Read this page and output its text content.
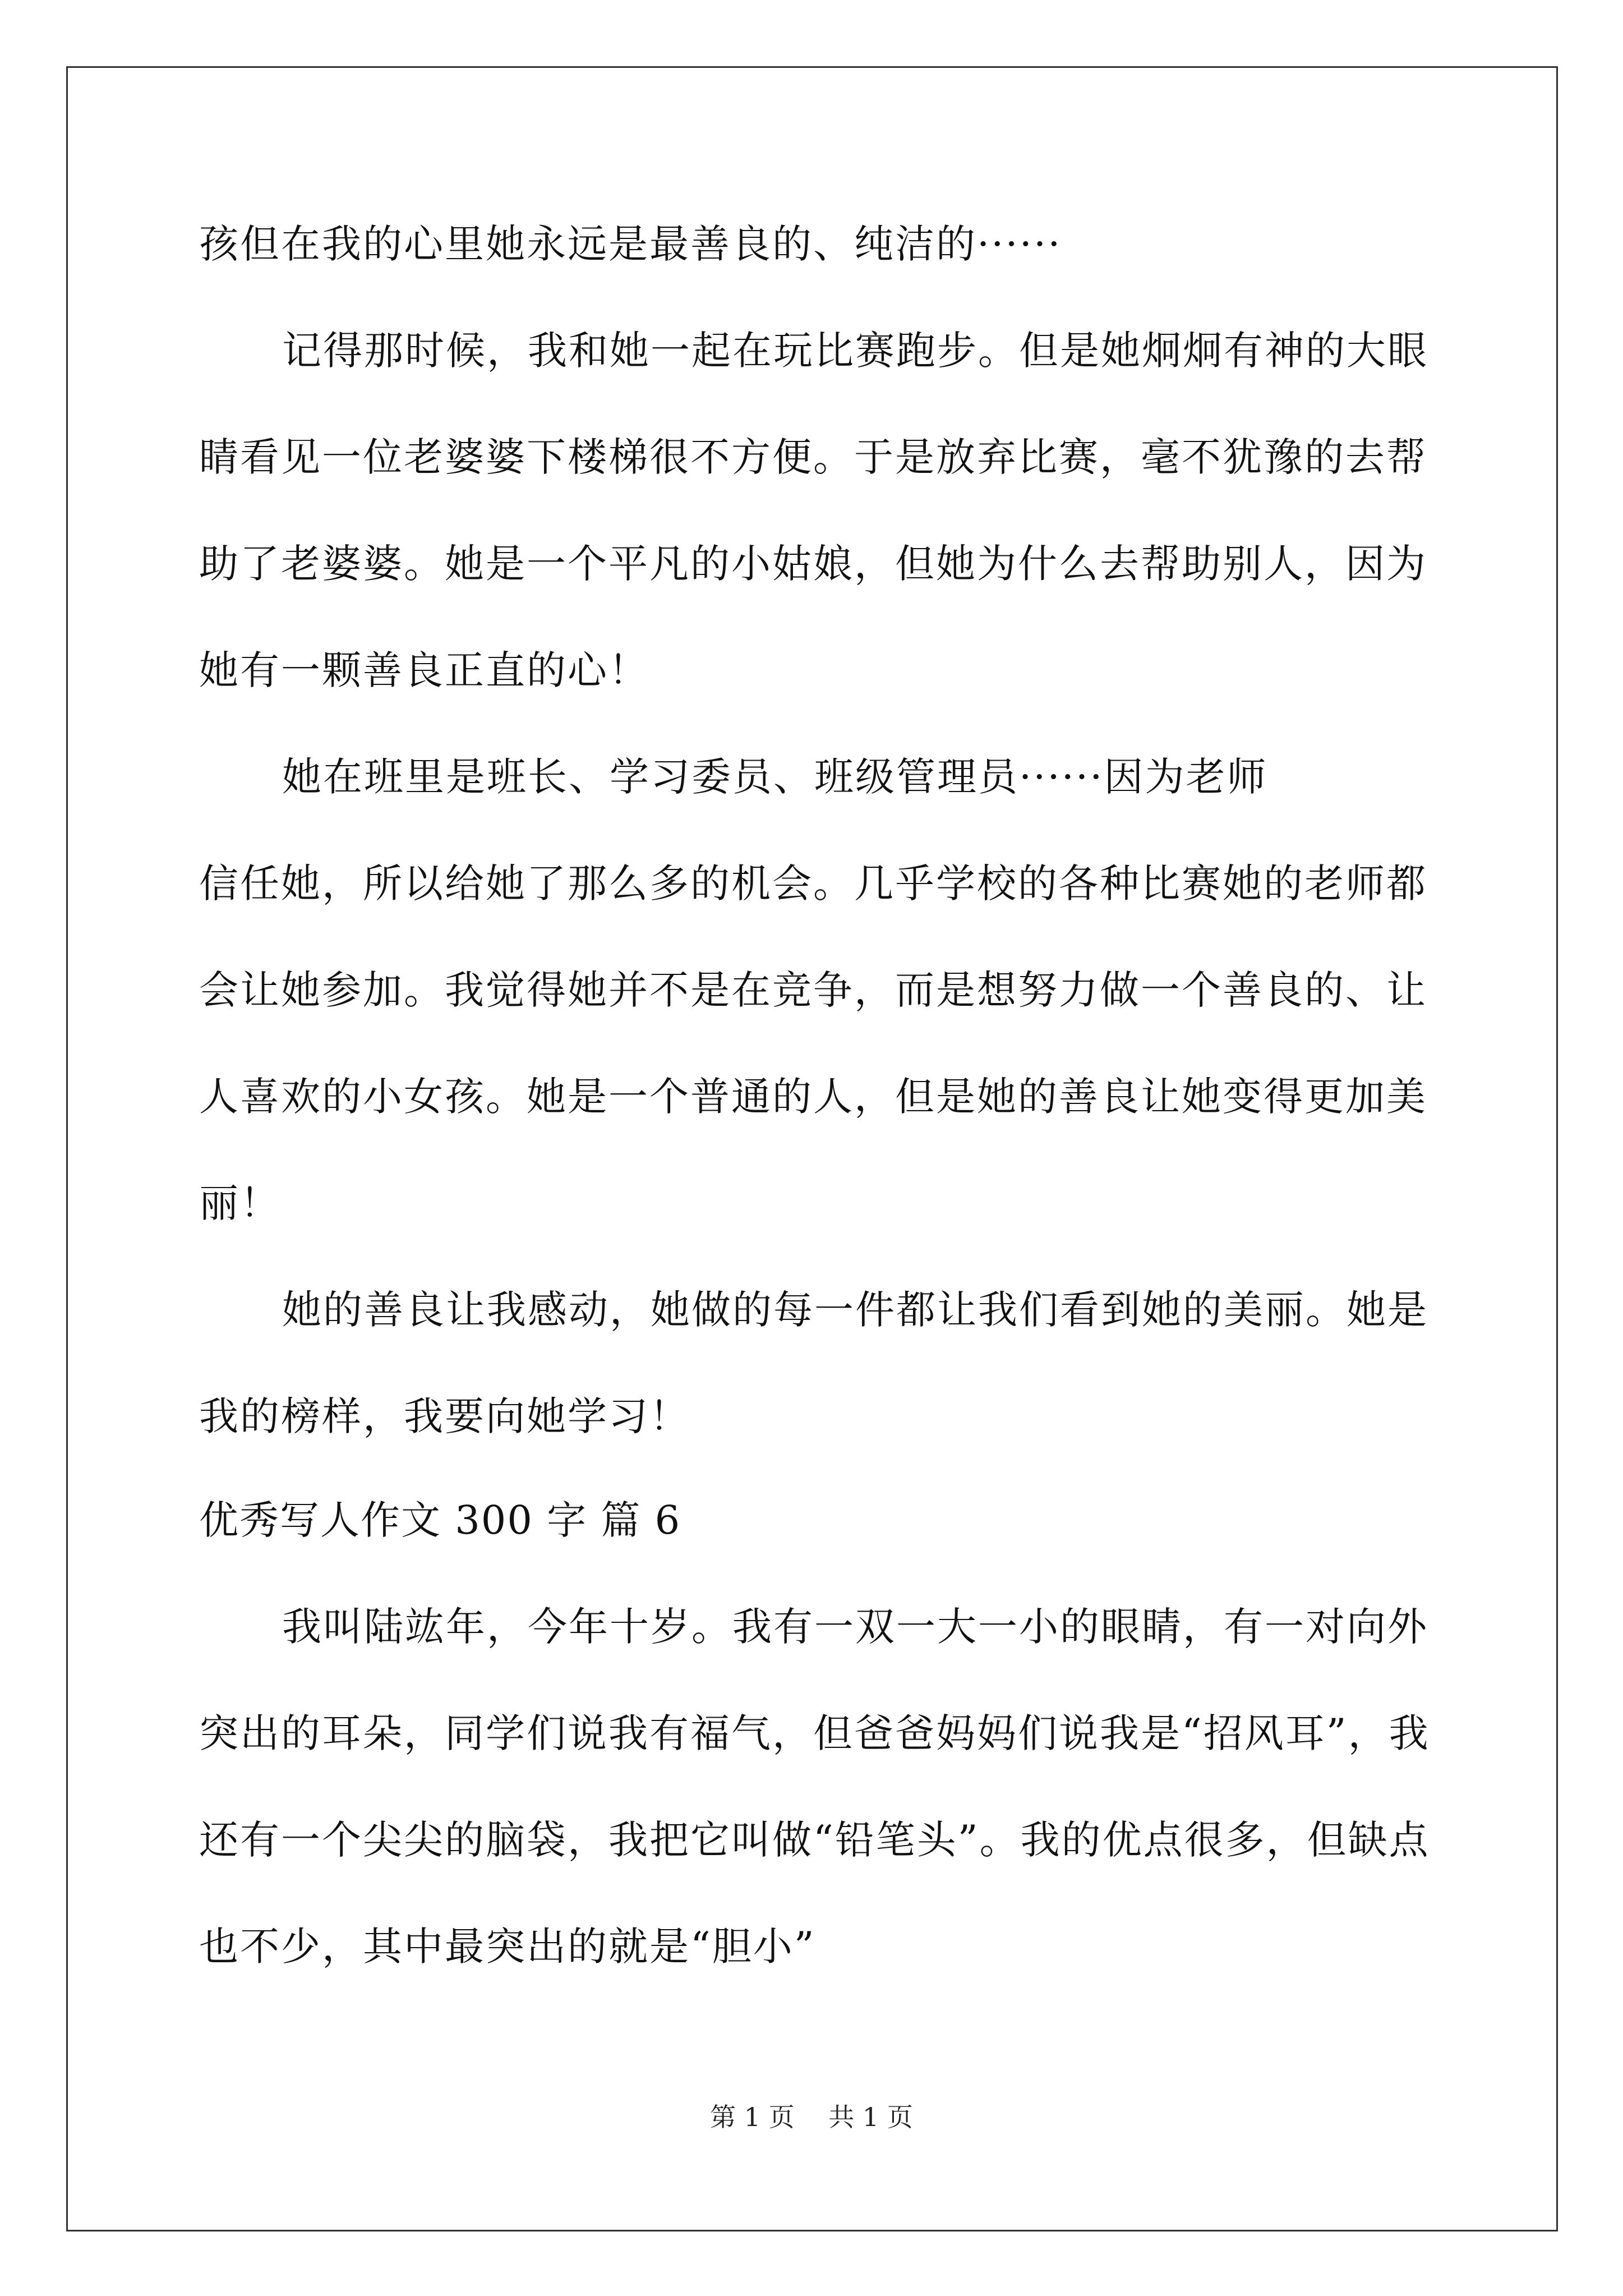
孩但在我的心里她永远是最善良的、纯洁的······
记得那时候，我和她一起在玩比赛跑步。但是她炯炯有神的大眼
睛看见一位老婆婆下楼梯很不方便。于是放弃比赛，毫不犹豫的去帮
助了老婆婆。她是一个平凡的小姑娘，但她为什么去帮助别人，因为
她有一颗善良正直的心！
她在班里是班长、学习委员、班级管理员······因为老师
信任她，所以给她了那么多的机会。几乎学校的各种比赛她的老师都
会让她参加。我觉得她并不是在竞争，而是想努力做一个善良的、让
人喜欢的小女孩。她是一个普通的人，但是她的善良让她变得更加美
丽！
她的善良让我感动，她做的每一件都让我们看到她的美丽。她是
我的榜样，我要向她学习！
优秀写人作文 300 字 篇 6
我叫陆竑年，今年十岁。我有一双一大一小的眼睛，有一对向外
突出的耳朵，同学们说我有福气，但爸爸妈妈们说我是“招风耳”，我
还有一个尖尖的脑袋，我把它叫做“铅笔头”。我的优点很多，但缺点
也不少，其中最突出的就是“胆小”
第 1 页 共 1 页
